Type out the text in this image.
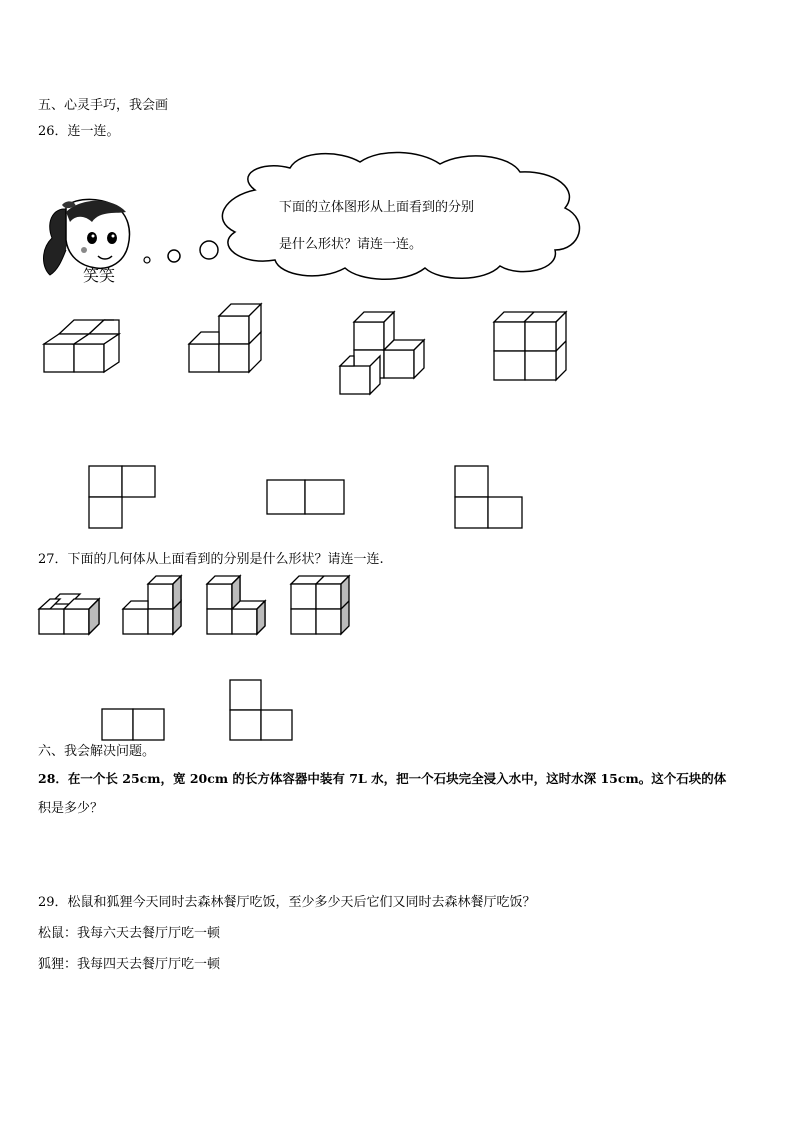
五、心灵手巧，我会画
26．连一连。
下面的立体图形从上面看到的分别
是什么形状？请连一连。
笑笑
27．下面的几何体从上面看到的分别是什么形状？请连一连.
六、我会解决问题。
28．在一个长 25cm，宽 20cm 的长方体容器中装有 7L 水，把一个石块完全浸入水中，这时水深 15cm。这个石块的体
积是多少？
29．松鼠和狐狸今天同时去森林餐厅吃饭，至少多少天后它们又同时去森林餐厅吃饭？
松鼠：我每六天去餐厅厅吃一顿
狐狸：我每四天去餐厅厅吃一顿
